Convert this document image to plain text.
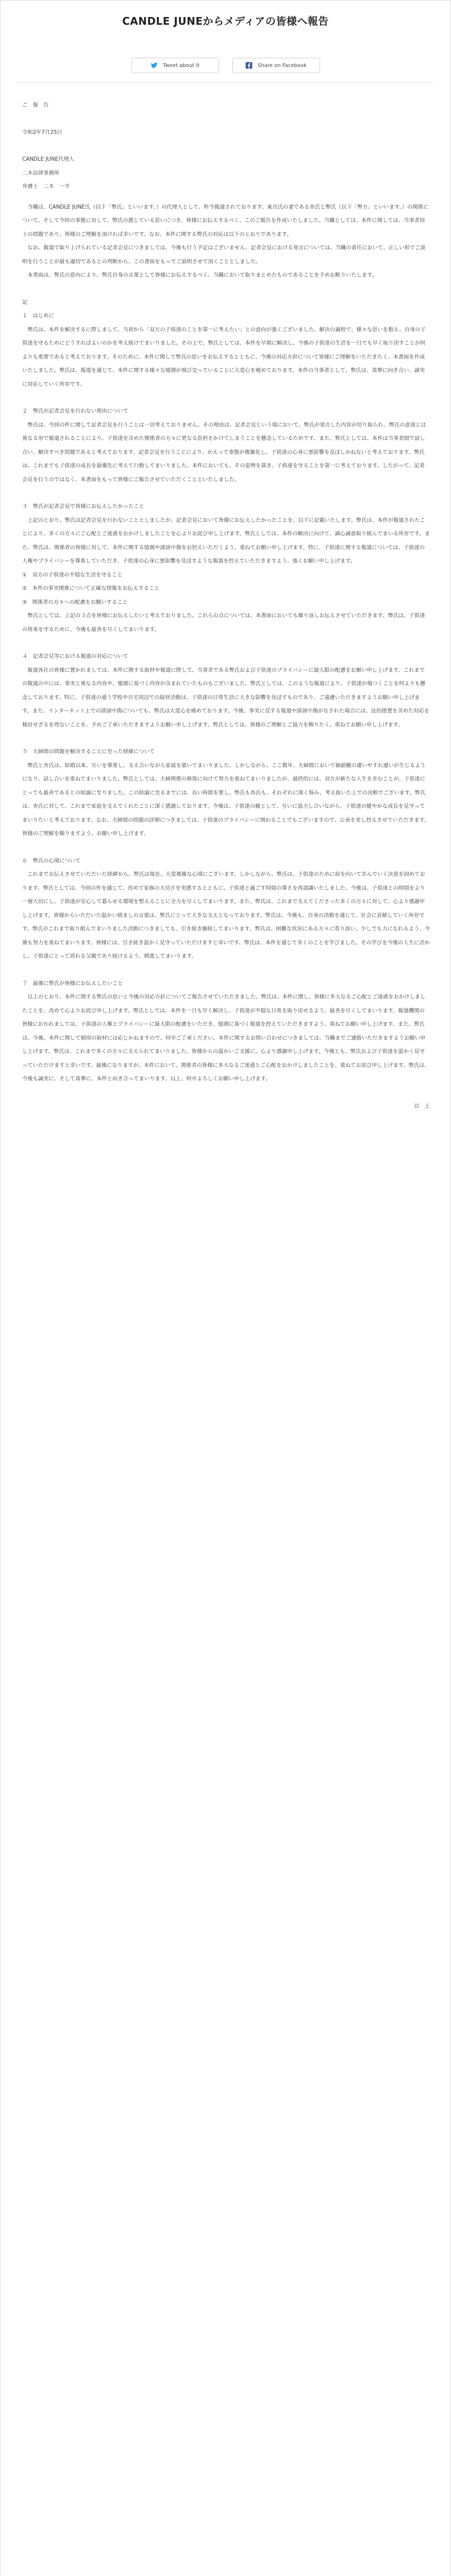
CANDLE JUNEからメディアの皆様へ報告
Tweet about it	Share on Facebook

ご　報　告

令和2年7月25日

CANDLE JUNE代理人
二木法律事務所
弁護士　二木　一平

当職は、CANDLE JUNE氏（以下「弊氏」といいます。）の代理人として、昨今報道されております、東出氏の妻である杏氏と弊氏（以下「弊方」といいます。）の関係について、そして今回の事態に対して、弊氏の感じている思いにつき、皆様にお伝えするべく、このご報告を作成いたしました。当職としては、本件に関しては、当事者同士の問題であり、皆様のご理解を頂ければ幸いです。なお、本件に関する弊氏の対応は以下のとおりであります。

なお、報道で取り上げられている記者会見につきましては、今後も行う予定はございません。記者会見における発言については、当職の責任において、正しい形でご説明を行うことが最も適切であるとの判断から、この書面をもってご説明させて頂くこととしました。

本書面は、弊氏の意向により、弊氏自身の言葉として皆様にお伝えするべく、当職において取りまとめたものであることを予めお断りいたします。

記

１　はじめに

弊氏は、本件を解決するに際しまして、当初から「双方の子供達のことを第一に考えたい」との意向が強くございました。解決の過程で、様々な思いを抱え、自身の子供達を守るためにどうすればよいのかを考え続けてまいりました。その上で、弊氏としては、本件を早期に解決し、今後の子供達の生活を一日でも早く取り戻すことが何よりも重要であると考えております。そのために、本件に関して弊氏の思いをお伝えするとともに、今後の対応方針について皆様にご理解をいただきたく、本書面を作成いたしました。弊氏は、報道を通じて、本件に関する様々な憶測が飛び交っていることに大変心を痛めております。本件の当事者として、弊氏は、真摯に向き合い、誠実に対応していく所存です。

２　弊氏が記者会見を行わない理由について

弊氏は、今回の件に関して記者会見を行うことは一切考えておりません。その理由は、記者会見という場において、弊氏が発言した内容が切り取られ、弊氏の意図とは異なる形で報道されることにより、子供達を含めた関係者の方々に更なる負担をかけてしまうことを懸念しているためです。また、弊氏としては、本件は当事者間で話し合い、解決すべき問題であると考えております。記者会見を行うことにより、かえって事態が複雑化し、子供達の心身に悪影響を及ぼしかねないと考えております。弊氏は、これまでも子供達の成長を最優先に考えて行動してまいりました。本件においても、その姿勢を貫き、子供達を守ることを第一に考えております。したがって、記者会見を行うのではなく、本書面をもって皆様にご報告させていただくことといたしました。

３　弊氏が記者会見で皆様にお伝えしたかったこと

上記のとおり、弊氏は記者会見を行わないこととしましたが、記者会見において皆様にお伝えしたかったことを、以下に記載いたします。弊氏は、本件が報道されたことにより、多くの方々にご心配とご迷惑をおかけしましたことを心よりお詫び申し上げます。弊氏としては、本件の解決に向けて、誠心誠意取り組んでまいる所存です。また、弊氏は、関係者の皆様に対して、本件に関する憶測や誹謗中傷をお控えいただくよう、重ねてお願い申し上げます。特に、子供達に関する報道については、子供達の人権やプライバシーを尊重していただき、子供達の心身に悪影響を及ぼすような報道を控えていただきますよう、強くお願い申し上げます。

①　双方の子供達の平穏な生活を守ること

②　本件の事実関係について正確な情報をお伝えすること

③　関係者の方々への配慮をお願いすること

弊氏としては、上記の３点を皆様にお伝えしたいと考えておりました。これらの点については、本書面においても繰り返しお伝えさせていただきます。弊氏は、子供達の将来を守るために、今後も最善を尽くしてまいります。

４　記者会見等における報道の対応について

報道各社の皆様に置かれましては、本件に関する取材や報道に際して、当事者である弊氏および子供達のプライバシーに最大限の配慮をお願い申し上げます。これまでの報道の中には、事実と異なる内容や、憶測に基づく内容が含まれていたものもございました。弊氏としては、このような報道により、子供達が傷つくことを何よりも懸念しております。特に、子供達の通う学校や自宅周辺での取材活動は、子供達の日常生活に大きな影響を及ぼすものであり、ご遠慮いただきますようお願い申し上げます。また、インターネット上での誹謗中傷についても、弊氏は大変心を痛めております。今後、事実に反する報道や誹謗中傷がなされた場合には、法的措置を含めた対応を検討せざるを得ないことを、予めご了承いただきますようお願い申し上げます。弊氏としては、皆様のご理解とご協力を賜りたく、重ねてお願い申し上げます。

５　夫婦間の問題を解決することに至った経緯について

弊氏と杏氏は、結婚以来、互いを尊重し、支え合いながら家庭を築いてまいりました。しかしながら、ここ数年、夫婦間において価値観の違いやすれ違いが生じるようになり、話し合いを重ねてまいりました。弊氏としては、夫婦関係の修復に向けて努力を重ねてまいりましたが、最終的には、双方が新たな人生を歩むことが、子供達にとっても最善であるとの結論に至りました。この結論に至るまでには、長い時間を要し、弊氏も杏氏も、それぞれに深く悩み、考え抜いた上での決断でございます。弊氏は、杏氏に対して、これまで家庭を支えてくれたことに深く感謝しております。今後は、子供達の親として、互いに協力し合いながら、子供達の健やかな成長を見守ってまいりたいと考えております。なお、夫婦間の問題の詳細につきましては、子供達のプライバシーに関わることでもございますので、公表を差し控えさせていただきます。皆様のご理解を賜りますよう、お願い申し上げます。

６　弊氏の心境について

これまでお伝えさせていただいた経緯から、弊氏は現在、大変複雑な心境にございます。しかしながら、弊氏は、子供達のために前を向いて歩んでいく決意を固めております。弊氏としては、今回の件を通じて、改めて家族の大切さを実感するとともに、子供達と過ごす時間の尊さを再認識いたしました。今後は、子供達との時間をより一層大切にし、子供達が安心して暮らせる環境を整えることに全力を尽くしてまいります。また、弊氏は、これまで支えてくださった多くの方々に対して、心より感謝申し上げます。皆様からいただいた温かい励ましの言葉は、弊氏にとって大きな支えとなっております。弊氏は、今後も、自身の活動を通じて、社会に貢献していく所存です。弊氏がこれまで取り組んでまいりました活動につきましても、引き続き継続してまいります。弊氏は、困難な状況にある方々に寄り添い、少しでも力になれるよう、今後も努力を重ねてまいります。皆様には、引き続き温かく見守っていただけますと幸いです。弊氏は、本件を通じて多くのことを学びました。その学びを今後の人生に活かし、子供達にとって誇れる父親であり続けるよう、精進してまいります。

７　最後に弊氏が皆様にお伝えしたいこと

以上のとおり、本件に関する弊氏の思いと今後の対応方針についてご報告させていただきました。弊氏は、本件に関し、皆様に多大なるご心配とご迷惑をおかけしましたことを、改めて心よりお詫び申し上げます。弊氏としては、本件を一日も早く解決し、子供達が平穏な日常を取り戻せるよう、最善を尽くしてまいります。報道機関の皆様におかれましては、子供達の人権とプライバシーに最大限の配慮をいただき、憶測に基づく報道を控えていただきますよう、重ねてお願い申し上げます。また、弊氏は、今後、本件に関して個別の取材には応じかねますので、何卒ご了承ください。本件に関するお問い合わせにつきましては、当職までご連絡いただきますようお願い申し上げます。弊氏は、これまで多くの方々に支えられてまいりました。皆様からの温かいご支援に、心より感謝申し上げます。今後とも、弊氏および子供達を温かく見守っていただけますと幸いです。最後になりますが、本件において、関係者の皆様に多大なるご迷惑とご心配をおかけしましたことを、重ねてお詫び申し上げます。弊氏は、今後も誠実に、そして真摯に、本件と向き合ってまいります。以上、何卒よろしくお願い申し上げます。

以　上
